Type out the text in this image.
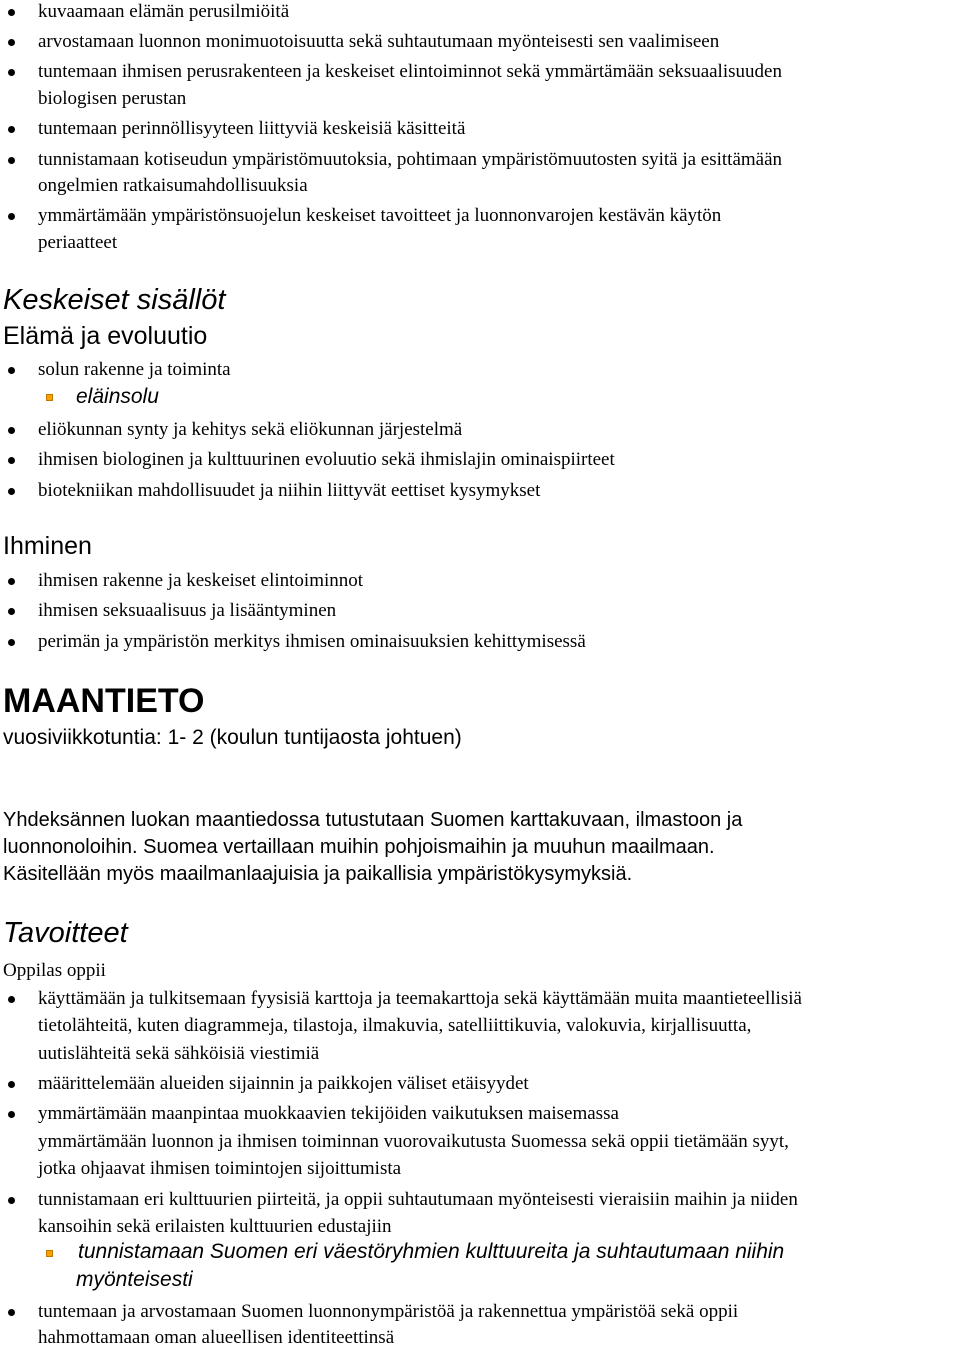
kuvaamaan elämän perusilmiöitä
arvostamaan luonnon monimuotoisuutta sekä suhtautumaan myönteisesti sen vaalimiseen
tuntemaan ihmisen perusrakenteen ja keskeiset elintoiminnot sekä ymmärtämään seksuaalisuuden
biologisen perustan
tuntemaan perinnöllisyyteen liittyviä keskeisiä käsitteitä
tunnistamaan kotiseudun ympäristömuutoksia, pohtimaan ympäristömuutosten syitä ja esittämään
ongelmien ratkaisumahdollisuuksia
ymmärtämään ympäristönsuojelun keskeiset tavoitteet ja luonnonvarojen kestävän käytön
periaatteet
Keskeiset sisällöt
Elämä ja evoluutio
solun rakenne ja toiminta
eläinsolu
eliökunnan synty ja kehitys sekä eliökunnan järjestelmä
ihmisen biologinen ja kulttuurinen evoluutio sekä ihmislajin ominaispiirteet
biotekniikan mahdollisuudet ja niihin liittyvät eettiset kysymykset
Ihminen
ihmisen rakenne ja keskeiset elintoiminnot
ihmisen seksuaalisuus ja lisääntyminen
perimän ja ympäristön merkitys ihmisen ominaisuuksien kehittymisessä
MAANTIETO
vuosiviikkotuntia: 1- 2 (koulun tuntijaosta johtuen)
Yhdeksännen luokan maantiedossa tutustutaan Suomen karttakuvaan, ilmastoon ja
luonnonoloihin. Suomea vertaillaan muihin pohjoismaihin ja muuhun maailmaan.
Käsitellään myös maailmanlaajuisia ja paikallisia ympäristökysymyksiä.
Tavoitteet
Oppilas oppii
käyttämään ja tulkitsemaan fyysisiä karttoja ja teemakarttoja sekä käyttämään muita maantieteellisiä
tietolähteitä, kuten diagrammeja, tilastoja, ilmakuvia, satelliittikuvia, valokuvia, kirjallisuutta,
uutislähteitä sekä sähköisiä viestimiä
määrittelemään alueiden sijainnin ja paikkojen väliset etäisyydet
ymmärtämään maanpintaa muokkaavien tekijöiden vaikutuksen maisemassa
ymmärtämään luonnon ja ihmisen toiminnan vuorovaikutusta Suomessa sekä oppii tietämään syyt,
jotka ohjaavat ihmisen toimintojen sijoittumista
tunnistamaan eri kulttuurien piirteitä, ja oppii suhtautumaan myönteisesti vieraisiin maihin ja niiden
kansoihin sekä erilaisten kulttuurien edustajiin
tunnistamaan Suomen eri väestöryhmien kulttuureita ja suhtautumaan niihin
myönteisesti
tuntemaan ja arvostamaan Suomen luonnonympäristöä ja rakennettua ympäristöä sekä oppii
hahmottamaan oman alueellisen identiteettinsä
